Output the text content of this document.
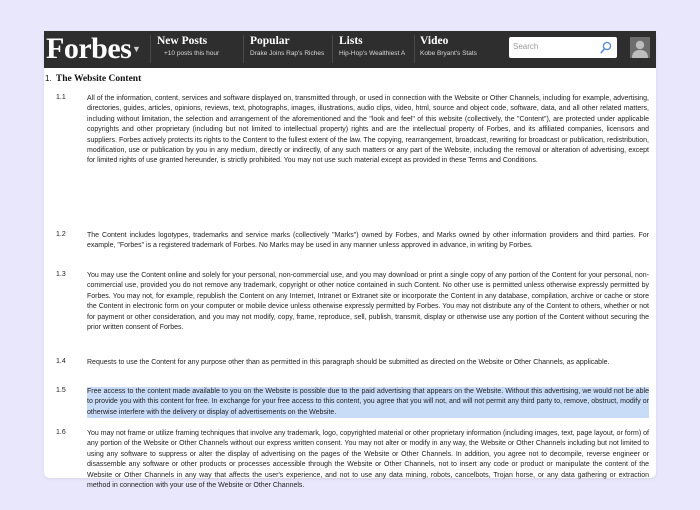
Forbes ▼
New Posts
+10 posts this hour
Popular
Drake Joins Rap's Riches
Lists
Hip-Hop's Wealthiest A
Video
Kobe Bryant's Stats
Search
1. The Website Content
1.1	All of the information, content, services and software displayed on, transmitted through, or used in connection with the Website or Other Channels, including for example, advertising, directories, guides, articles, opinions, reviews, text, photographs, images, illustrations, audio clips, video, html, source and object code, software, data, and all other related matters, including without limitation, the selection and arrangement of the aforementioned and the "look and feel" of this website (collectively, the "Content"), are protected under applicable copyrights and other proprietary (including but not limited to intellectual property) rights and are the intellectual property of Forbes, and its affiliated companies, licensors and suppliers. Forbes actively protects its rights to the Content to the fullest extent of the law. The copying, rearrangement, broadcast, rewriting for broadcast or publication, redistribution, modification, use or publication by you in any medium, directly or indirectly, of any such matters or any part of the Website, including the removal or alteration of advertising, except for limited rights of use granted hereunder, is strictly prohibited. You may not use such material except as provided in these Terms and Conditions.
1.2	The Content includes logotypes, trademarks and service marks (collectively "Marks") owned by Forbes, and Marks owned by other information providers and third parties. For example, "Forbes" is a registered trademark of Forbes. No Marks may be used in any manner unless approved in advance, in writing by Forbes.
1.3	You may use the Content online and solely for your personal, non-commercial use, and you may download or print a single copy of any portion of the Content for your personal, non-commercial use, provided you do not remove any trademark, copyright or other notice contained in such Content. No other use is permitted unless otherwise expressly permitted by Forbes. You may not, for example, republish the Content on any Internet, Intranet or Extranet site or incorporate the Content in any database, compilation, archive or cache or store the Content in electronic form on your computer or mobile device unless otherwise expressly permitted by Forbes. You may not distribute any of the Content to others, whether or not for payment or other consideration, and you may not modify, copy, frame, reproduce, sell, publish, transmit, display or otherwise use any portion of the Content without securing the prior written consent of Forbes.
1.4	Requests to use the Content for any purpose other than as permitted in this paragraph should be submitted as directed on the Website or Other Channels, as applicable.
1.5	Free access to the content made available to you on the Website is possible due to the paid advertising that appears on the Website. Without this advertising, we would not be able to provide you with this content for free. In exchange for your free access to this content, you agree that you will not, and will not permit any third party to, remove, obstruct, modify or otherwise interfere with the delivery or display of advertisements on the Website.
1.6	You may not frame or utilize framing techniques that involve any trademark, logo, copyrighted material or other proprietary information (including images, text, page layout, or form) of any portion of the Website or Other Channels without our express written consent. You may not alter or modify in any way, the Website or Other Channels including but not limited to using any software to suppress or alter the display of advertising on the pages of the Website or Other Channels. In addition, you agree not to decompile, reverse engineer or disassemble any software or other products or processes accessible through the Website or Other Channels, not to insert any code or product or manipulate the content of the Website or Other Channels in any way that affects the user's experience, and not to use any data mining, robots, cancelbots, Trojan horse, or any data gathering or extraction method in connection with your use of the Website or Other Channels.
